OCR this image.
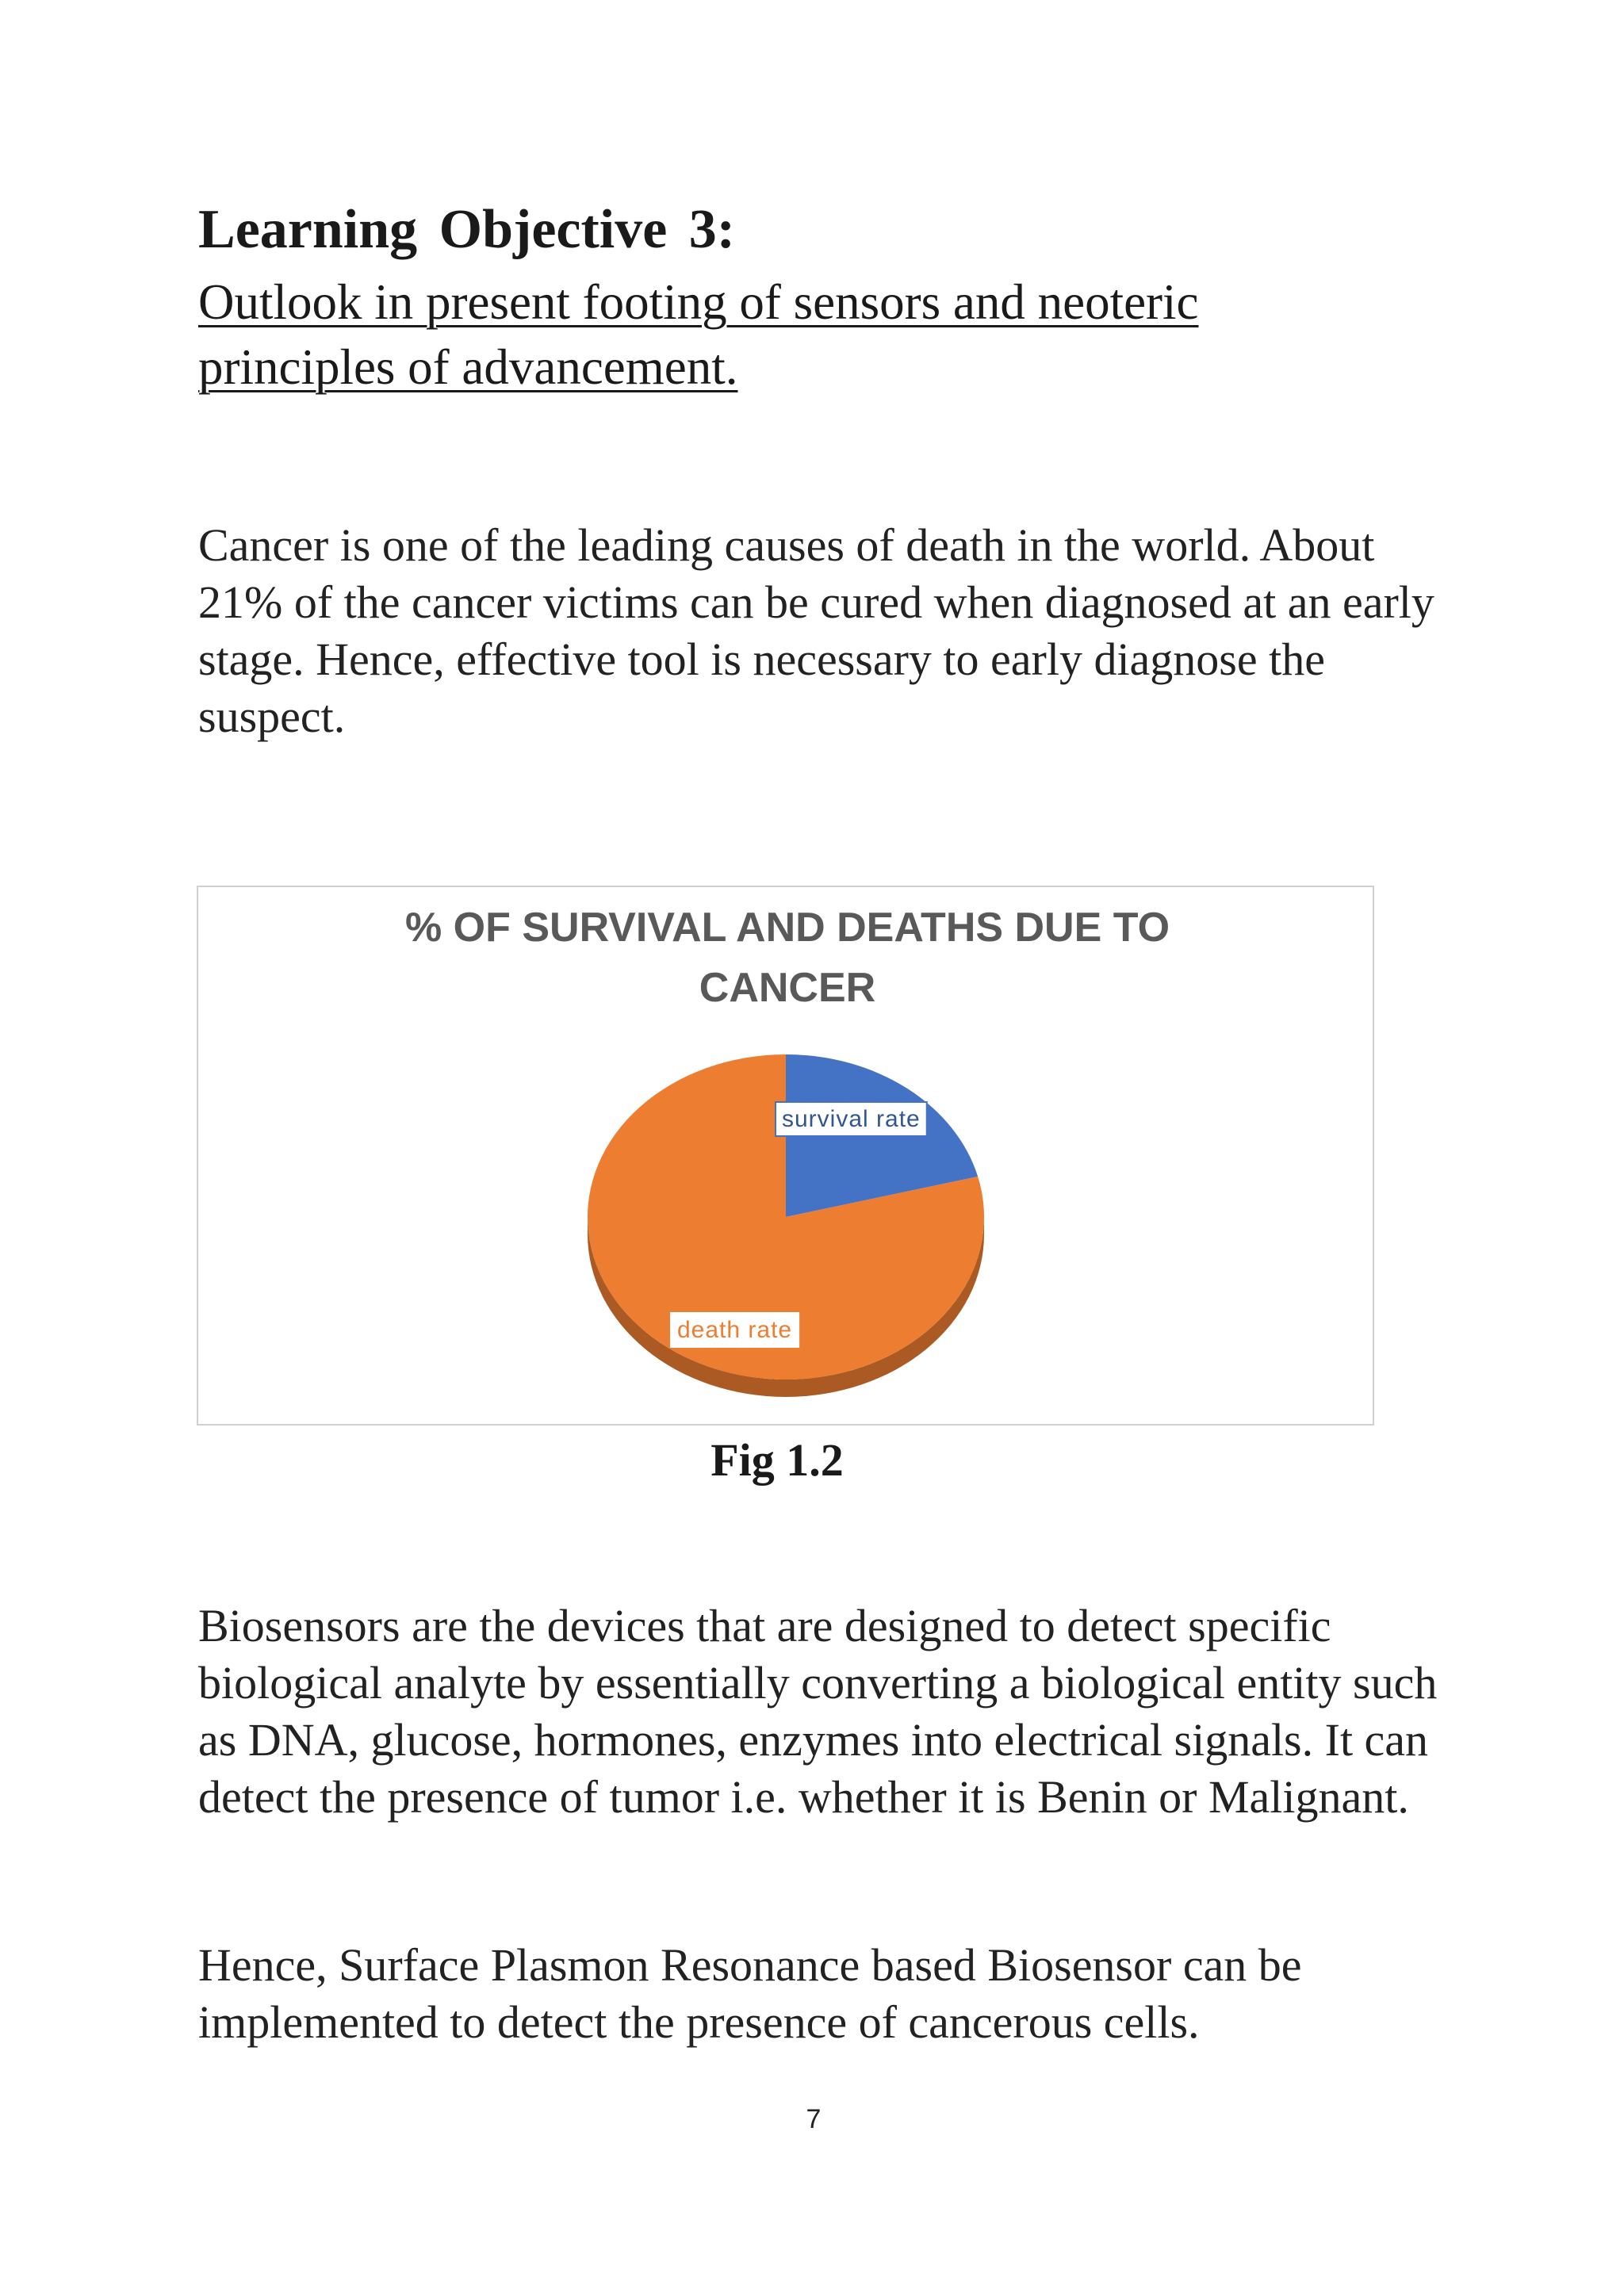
Learning Objective 3:
Outlook in present footing of sensors and neoteric principles of advancement.

Cancer is one of the leading causes of death in the world. About 21% of the cancer victims can be cured when diagnosed at an early stage. Hence, effective tool is necessary to early diagnose the suspect.

% OF SURVIVAL AND DEATHS DUE TO
CANCER
survival rate
death rate

Fig 1.2

Biosensors are the devices that are designed to detect specific biological analyte by essentially converting a biological entity such as DNA, glucose, hormones, enzymes into electrical signals. It can detect the presence of tumor i.e. whether it is Benin or Malignant.

Hence, Surface Plasmon Resonance based Biosensor can be implemented to detect the presence of cancerous cells.

7
